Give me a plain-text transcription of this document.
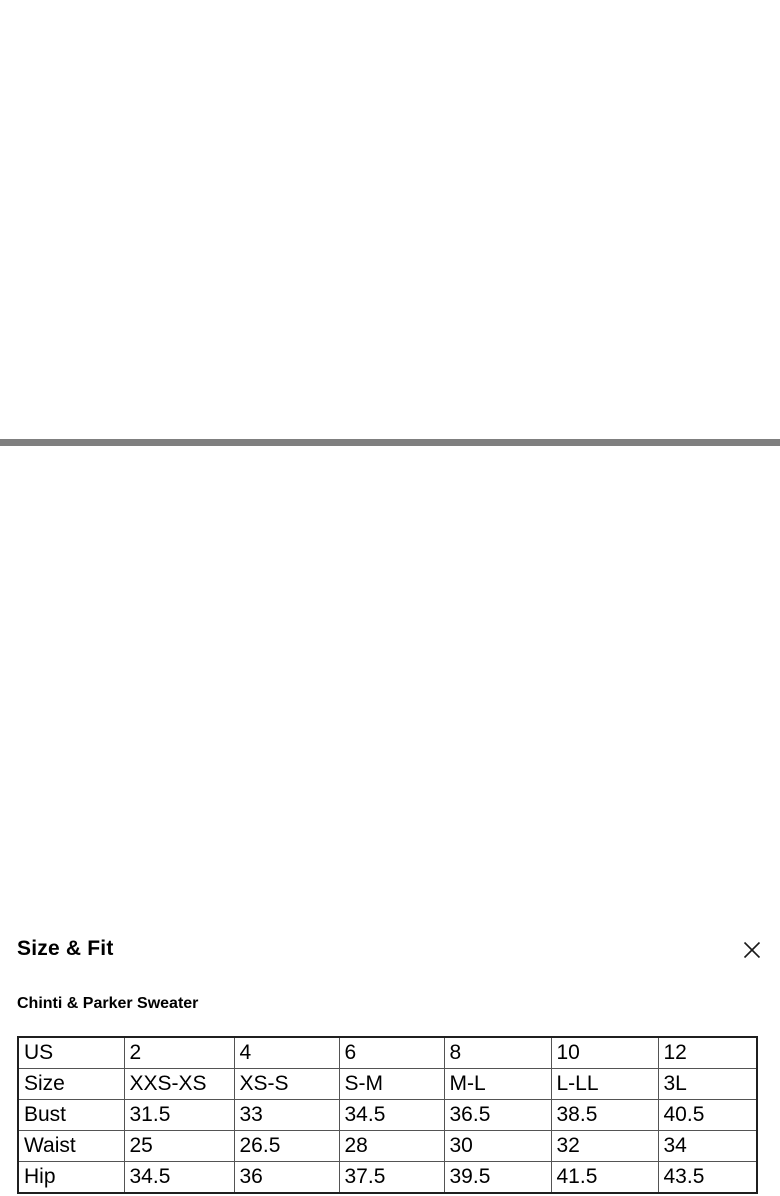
Size & Fit
Chinti & Parker Sweater
US	2	4	6	8	10	12
Size	XXS-XS	XS-S	S-M	M-L	L-LL	3L
Bust	31.5	33	34.5	36.5	38.5	40.5
Waist	25	26.5	28	30	32	34
Hip	34.5	36	37.5	39.5	41.5	43.5
